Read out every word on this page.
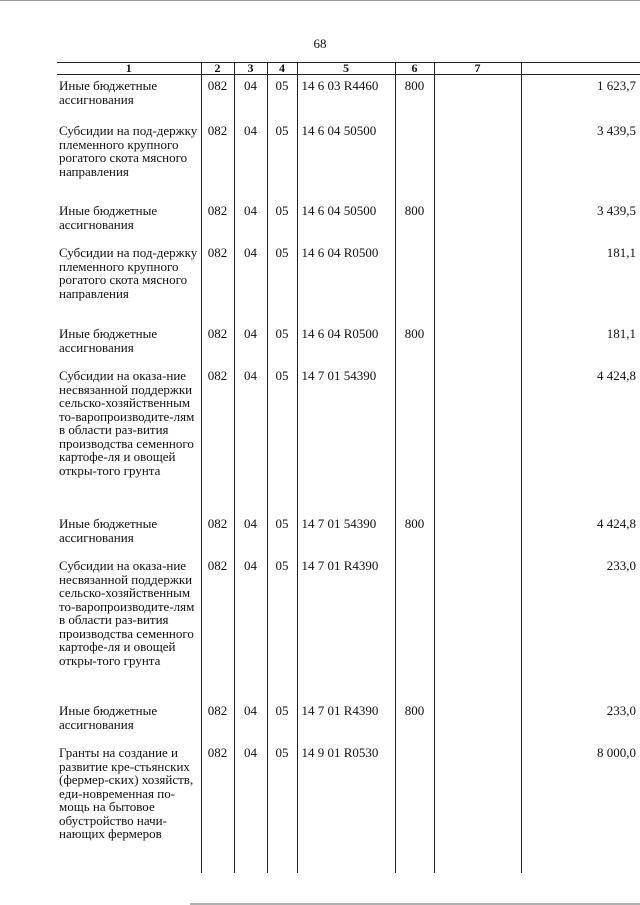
68
1	2	3	4	5	6	7	
Иные бюджетные ассигнования	082	04	05	14 6 03 R4460	800		1 623,7
Субсидии на под-держку племенного крупного рогатого скота мясного направления	082	04	05	14 6 04 50500			3 439,5
Иные бюджетные ассигнования	082	04	05	14 6 04 50500	800		3 439,5
Субсидии на под-держку племенного крупного рогатого скота мясного направления	082	04	05	14 6 04 R0500			181,1
Иные бюджетные ассигнования	082	04	05	14 6 04 R0500	800		181,1
Субсидии на оказа-ние несвязанной поддержки сельско-хозяйственным то-варопроизводите-лям в области раз-вития производства семенного картофе-ля и овощей откры-того грунта	082	04	05	14 7 01 54390			4 424,8
Иные бюджетные ассигнования	082	04	05	14 7 01 54390	800		4 424,8
Субсидии на оказа-ние несвязанной поддержки сельско-хозяйственным то-варопроизводите-лям в области раз-вития производства семенного картофе-ля и овощей откры-того грунта	082	04	05	14 7 01 R4390			233,0
Иные бюджетные ассигнования	082	04	05	14 7 01 R4390	800		233,0
Гранты на создание и развитие кре-стьянских (фермер-ских) хозяйств, еди-новременная по-мощь на бытовое обустройство начи-нающих фермеров	082	04	05	14 9 01 R0530			8 000,0
